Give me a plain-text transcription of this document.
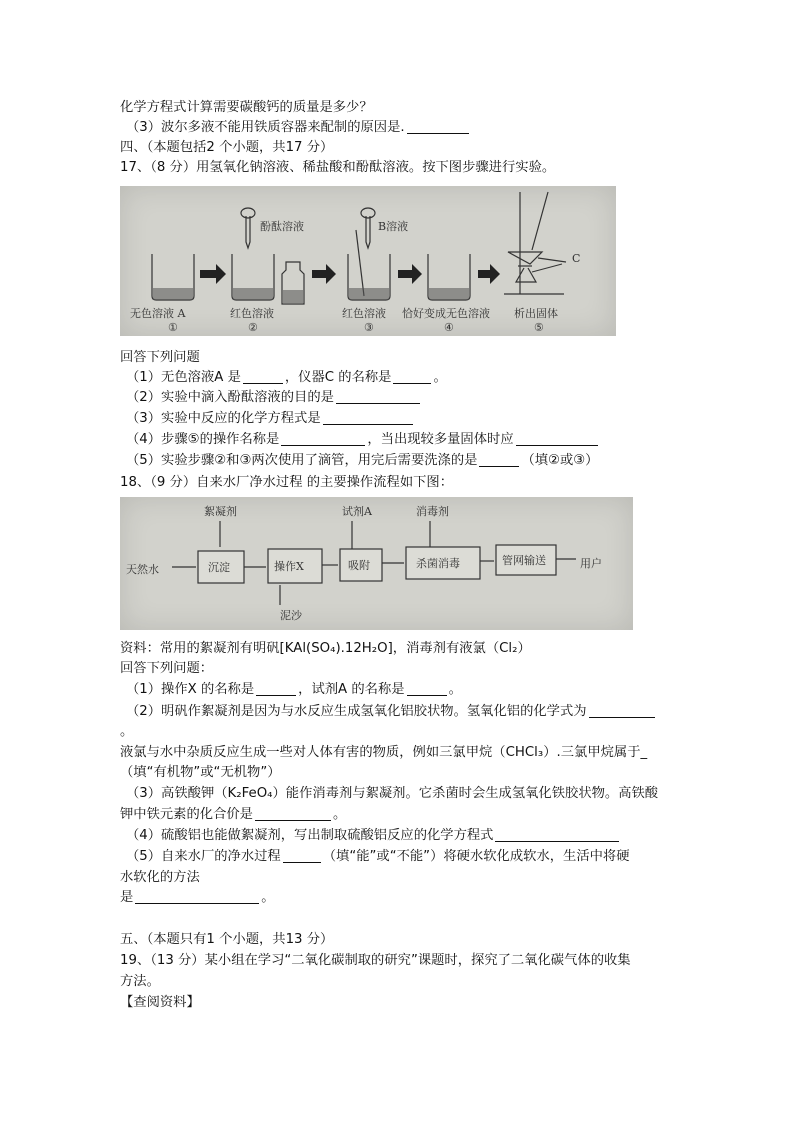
化学方程式计算需要碳酸钙的质量是多少？
（3）波尔多液不能用铁质容器来配制的原因是.
四、（本题包括2 个小题，共17 分）
17、（8 分）用氢氧化钠溶液、稀盐酸和酚酞溶液。按下图步骤进行实验。
酚酞溶液	B溶液
C
无色溶液 A
①
红色溶液
②
红色溶液
③
恰好变成无色溶液
④
析出固体
⑤
回答下列问题
（1）无色溶液A 是	，仪器C 的名称是	。
（2）实验中滴入酚酞溶液的目的是
（3）实验中反应的化学方程式是
（4）步骤⑤的操作名称是	，当出现较多量固体时应
（5）实验步骤②和③两次使用了滴管，用完后需要洗涤的是	（填②或③）
18、（9 分）自来水厂净水过程 的主要操作流程如下图：
絮凝剂	试剂A	消毒剂
天然水	用户
泥沙
沉淀	操作X	吸附	杀菌消毒	管网输送
资料：常用的絮凝剂有明矾[KAl(SO₄).12H₂O]，消毒剂有液氯（Cl₂）
回答下列问题：
（1）操作X 的名称是	，试剂A 的名称是	。
（2）明矾作絮凝剂是因为与水反应生成氢氧化铝胶状物。氢氧化铝的化学式为
。
液氯与水中杂质反应生成一些对人体有害的物质，例如三氯甲烷（CHCl₃）.三氯甲烷属于_
（填“有机物”或“无机物”）
（3）高铁酸钾（K₂FeO₄）能作消毒剂与絮凝剂。它杀菌时会生成氢氧化铁胶状物。高铁酸
钾中铁元素的化合价是	。
（4）硫酸铝也能做絮凝剂，写出制取硫酸铝反应的化学方程式
（5）自来水厂的净水过程	（填“能”或“不能”）将硬水软化成软水，生活中将硬
水软化的方法
是	。
五、（本题只有1 个小题，共13 分）
19、（13 分）某小组在学习“二氧化碳制取的研究”课题时，探究了二氧化碳气体的收集
方法。
【查阅资料】
